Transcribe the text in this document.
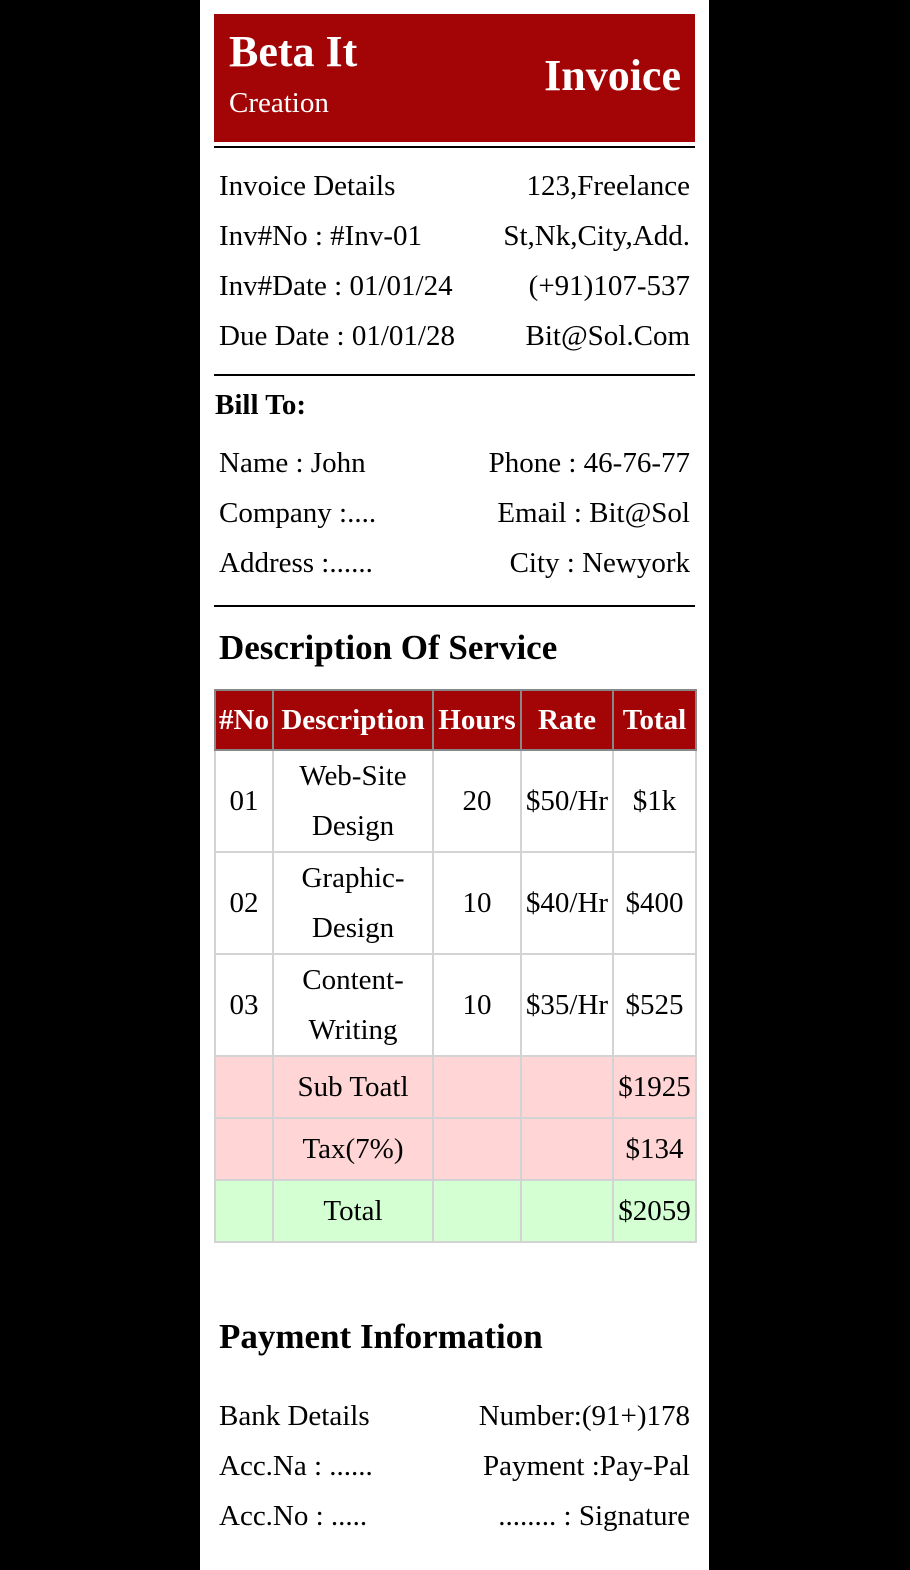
Beta It
Creation
Invoice
Invoice Details	123,Freelance
Inv#No : #Inv-01	St,Nk,City,Add.
Inv#Date : 01/01/24	(+91)107-537
Due Date : 01/01/28 Bit@Sol.Com
Bill To:
Name : John	Phone : 46-76-77
Company :....	Email : Bit@Sol
Address :......	City : Newyork
Description Of Service
#No	Description	Hours	Rate	Total
01	Web-Site Design	20	$50/Hr	$1k
02	Graphic-Design	10	$40/Hr	$400
03	Content-Writing	10	$35/Hr	$525
	Sub Toatl			$1925
	Tax(7%)			$134
	Total			$2059
Payment Information
Bank Details	Number:(91+)178
Acc.Na : ......	Payment :Pay-Pal
Acc.No : .....	........ : Signature
